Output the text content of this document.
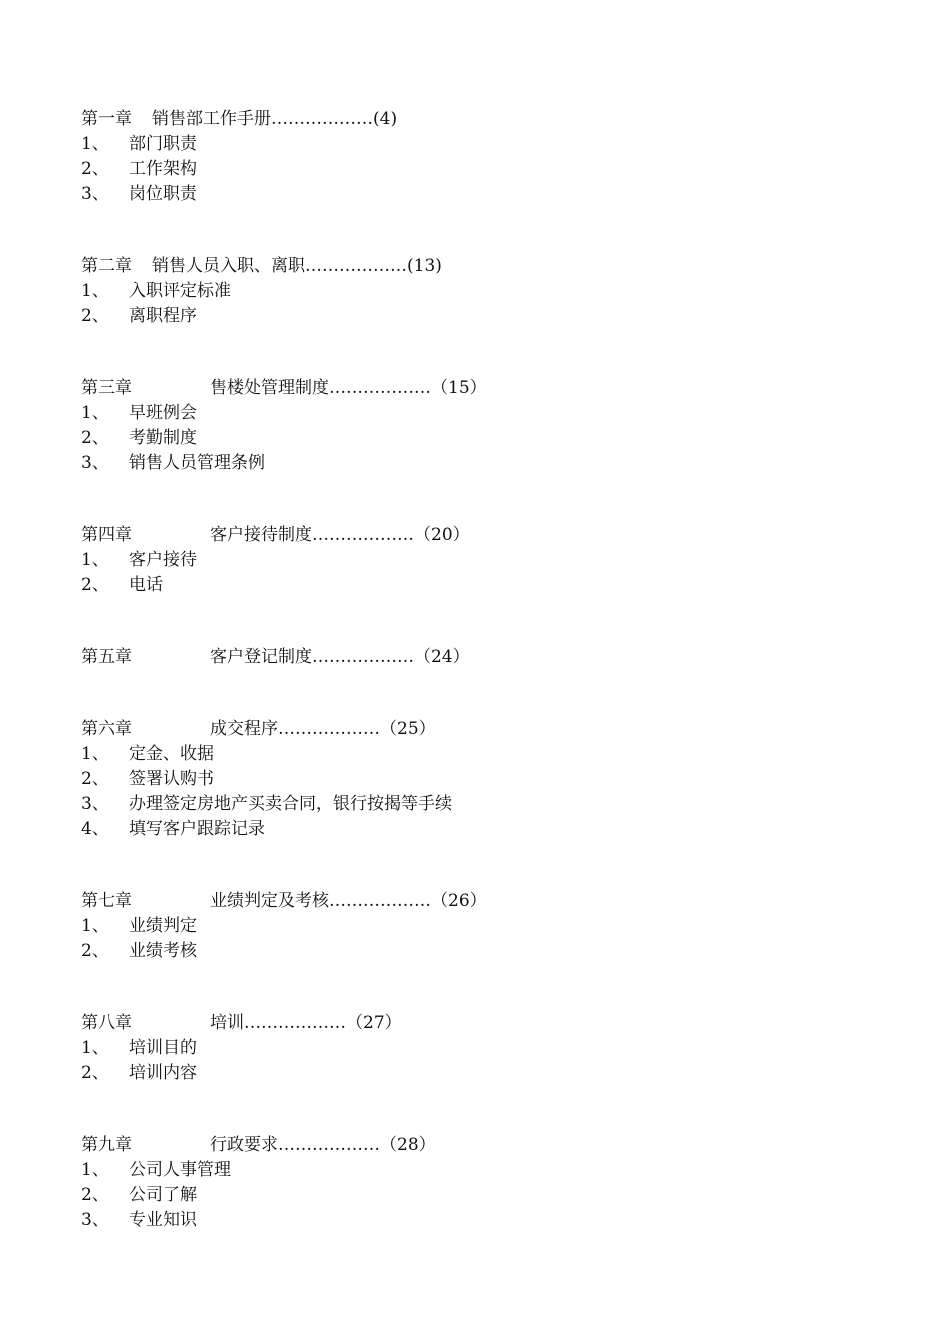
第一章 销售部工作手册………………(4)
1、	部门职责
2、	工作架构
3、	岗位职责
第二章 销售人员入职、离职………………(13)
1、	入职评定标准
2、	离职程序
第三章	售楼处管理制度………………（15）
1、	早班例会
2、	考勤制度
3、	销售人员管理条例
第四章	客户接待制度………………（20）
1、	客户接待
2、	电话
第五章	客户登记制度………………（24）
第六章	成交程序………………（25）
1、	定金、收据
2、	签署认购书
3、	办理签定房地产买卖合同，银行按揭等手续
4、	填写客户跟踪记录
第七章	业绩判定及考核………………（26）
1、	业绩判定
2、	业绩考核
第八章	培训………………（27）
1、	培训目的
2、	培训内容
第九章	行政要求………………（28）
1、	公司人事管理
2、	公司了解
3、	专业知识
